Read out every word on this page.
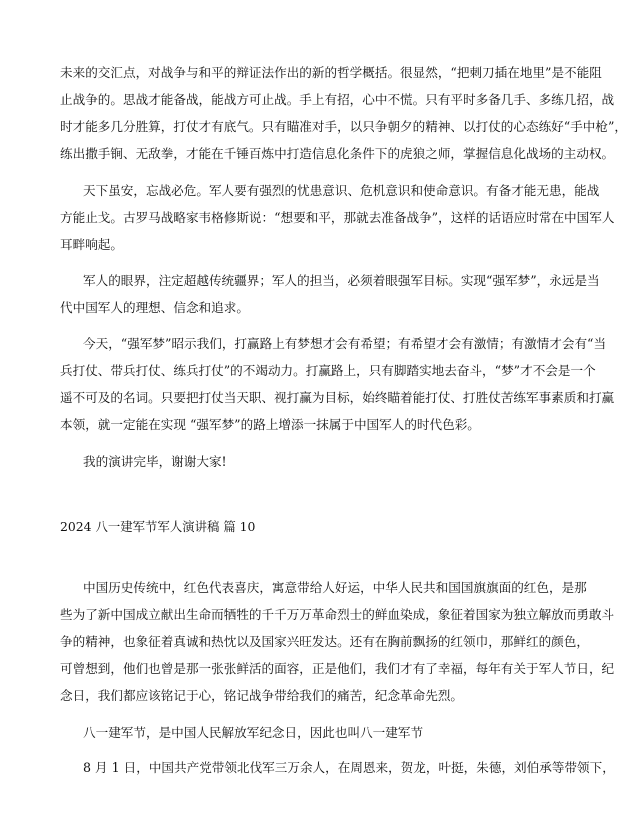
未来的交汇点，对战争与和平的辩证法作出的新的哲学概括。很显然，“把刺刀插在地里”是不能阻
止战争的。思战才能备战，能战方可止战。手上有招，心中不慌。只有平时多备几手、多练几招，战
时才能多几分胜算，打仗才有底气。只有瞄准对手，以只争朝夕的精神、以打仗的心态练好“手中枪”，
练出撒手锏、无敌拳，才能在千锤百炼中打造信息化条件下的虎狼之师，掌握信息化战场的主动权。
天下虽安，忘战必危。军人要有强烈的忧患意识、危机意识和使命意识。有备才能无患，能战
方能止戈。古罗马战略家韦格修斯说：“想要和平，那就去准备战争”，这样的话语应时常在中国军人
耳畔响起。
军人的眼界，注定超越传统疆界；军人的担当，必须着眼强军目标。实现“强军梦”，永远是当
代中国军人的理想、信念和追求。
今天，“强军梦”昭示我们，打赢路上有梦想才会有希望；有希望才会有激情；有激情才会有“当
兵打仗、带兵打仗、练兵打仗”的不竭动力。打赢路上，只有脚踏实地去奋斗，“梦”才不会是一个
遥不可及的名词。只要把打仗当天职、视打赢为目标，始终瞄着能打仗、打胜仗苦练军事素质和打赢
本领，就一定能在实现 “强军梦”的路上增添一抹属于中国军人的时代色彩。
我的演讲完毕，谢谢大家!
2024 八一建军节军人演讲稿 篇 10
中国历史传统中，红色代表喜庆，寓意带给人好运，中华人民共和国国旗旗面的红色，是那
些为了新中国成立献出生命而牺牲的千千万万革命烈士的鲜血染成，象征着国家为独立解放而勇敢斗
争的精神，也象征着真诚和热忱以及国家兴旺发达。还有在胸前飘扬的红领巾，那鲜红的颜色，
可曾想到，他们也曾是那一张张鲜活的面容，正是他们，我们才有了幸福，每年有关于军人节日，纪
念日，我们都应该铭记于心，铭记战争带给我们的痛苦，纪念革命先烈。
八一建军节，是中国人民解放军纪念日，因此也叫八一建军节
8 月 1 日，中国共产党带领北伐军三万余人，在周恩来，贺龙，叶挺，朱德，刘伯承等带领下，
